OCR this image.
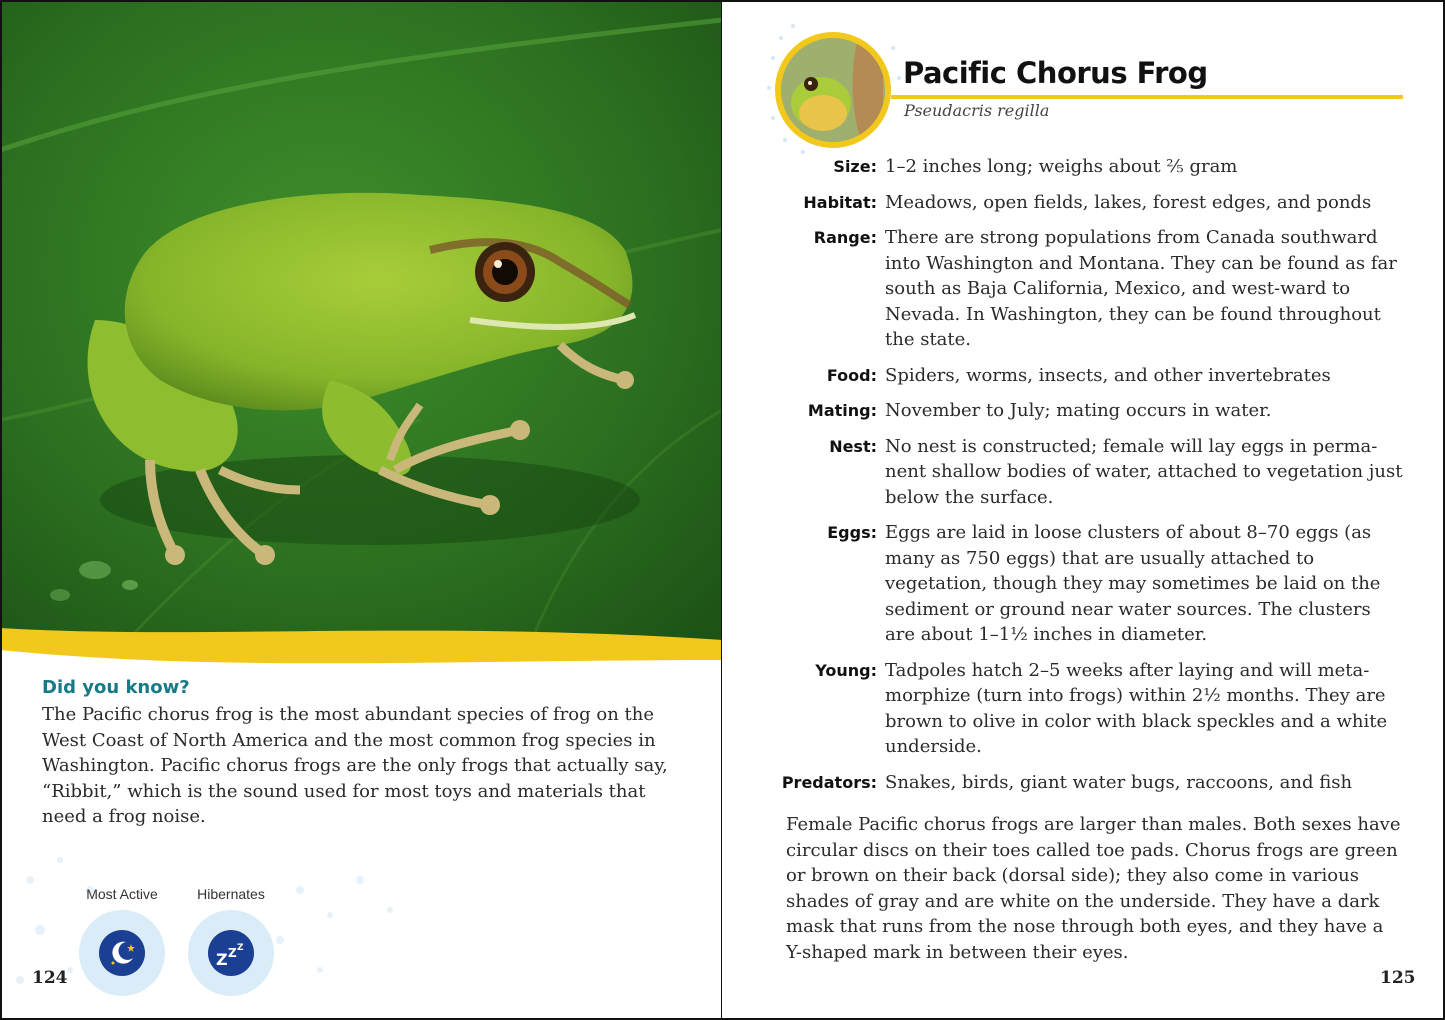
Did you know?
The Pacific chorus frog is the most abundant species of frog on the West Coast of North America and the most common frog species in Washington. Pacific chorus frogs are the only frogs that actually say, “Ribbit,” which is the sound used for most toys and materials that need a frog noise.
Most Active	Hibernates
Z Z Z
124
Pacific Chorus Frog
Pseudacris regilla
Size: 1–2 inches long; weighs about ⅖ gram
Habitat: Meadows, open fields, lakes, forest edges, and ponds
Range: There are strong populations from Canada southward into Washington and Montana. They can be found as far south as Baja California, Mexico, and west-ward to Nevada. In Washington, they can be found throughout the state.
Food: Spiders, worms, insects, and other invertebrates
Mating: November to July; mating occurs in water.
Nest: No nest is constructed; female will lay eggs in perma-nent shallow bodies of water, attached to vegetation just below the surface.
Eggs: Eggs are laid in loose clusters of about 8–70 eggs (as many as 750 eggs) that are usually attached to vegetation, though they may sometimes be laid on the sediment or ground near water sources. The clusters are about 1–1½ inches in diameter.
Young: Tadpoles hatch 2–5 weeks after laying and will meta-morphize (turn into frogs) within 2½ months. They are brown to olive in color with black speckles and a white underside.
Predators: Snakes, birds, giant water bugs, raccoons, and fish
Female Pacific chorus frogs are larger than males. Both sexes have circular discs on their toes called toe pads. Chorus frogs are green or brown on their back (dorsal side); they also come in various shades of gray and are white on the underside. They have a dark mask that runs from the nose through both eyes, and they have a Y-shaped mark in between their eyes.
125
